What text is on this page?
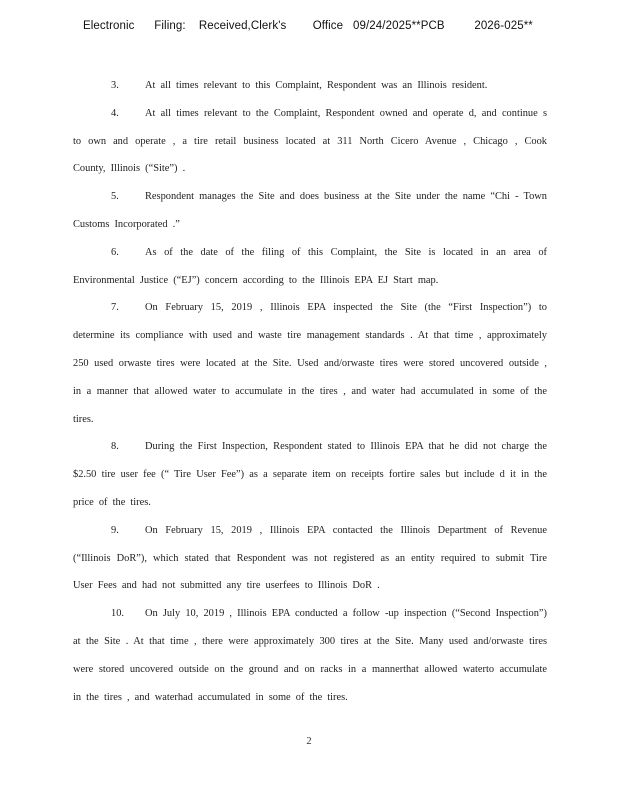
Electronic      Filing:    Received,Clerk's        Office   09/24/2025**PCB         2026-025**

3.	At all times relevant to this Complaint, Respondent was an Illinois resident.

4.	At all times relevant to the Complaint, Respondent owned and operate d, and continue s to own and operate , a tire retail business located at 311 North Cicero Avenue , Chicago , Cook County, Illinois (“Site”) .

5.	Respondent manages the Site and does business at the Site under the name “Chi - Town Customs Incorporated .”

6.	As of the date of the filing of this Complaint, the Site is located in an area of Environmental Justice (“EJ”) concern according to the Illinois EPA EJ Start map.

7.	On February 15, 2019 , Illinois EPA inspected the Site (the “First Inspection”) to determine its compliance with used and waste tire management standards . At that time , approximately 250 used orwaste tires were located at the Site. Used and/orwaste tires were stored uncovered outside , in a manner that allowed water to accumulate in the tires , and water had accumulated in some of the tires.

8.	During the First Inspection, Respondent stated to Illinois EPA that he did not charge the $2.50 tire user fee (“ Tire User Fee”) as a separate item on receipts fortire sales but include d it in the price of the tires.

9.	On February 15, 2019 , Illinois EPA contacted the Illinois Department of Revenue (“Illinois DoR”), which stated that Respondent was not registered as an entity required to submit Tire User Fees and had not submitted any tire userfees to Illinois DoR .

10. On July 10, 2019 , Illinois EPA conducted a follow -up inspection (“Second Inspection”) at the Site . At that time , there were approximately 300 tires at the Site. Many used and/orwaste tires were stored uncovered outside on the ground and on racks in a mannerthat allowed waterto accumulate in the tires , and waterhad accumulated in some of the tires.

2
